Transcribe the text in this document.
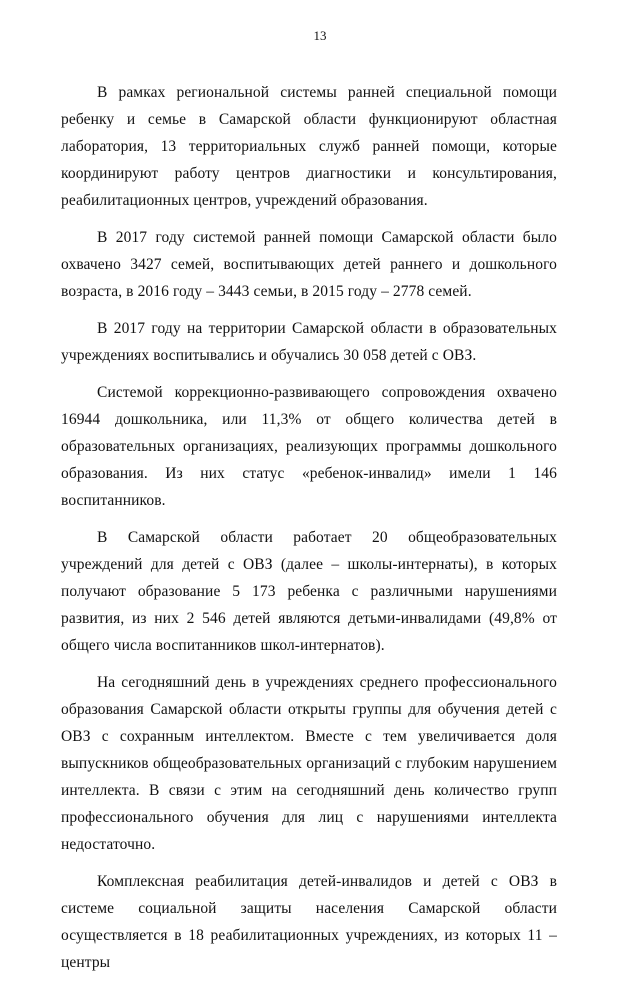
13

В рамках региональной системы ранней специальной помощи ребенку и семье в Самарской области функционируют областная лаборатория, 13 территориальных служб ранней помощи, которые координируют работу центров диагностики и консультирования, реабилитационных центров, учреждений образования.

В 2017 году системой ранней помощи Самарской области было охвачено 3427 семей, воспитывающих детей раннего и дошкольного возраста, в 2016 году – 3443 семьи, в 2015 году – 2778 семей.

В 2017 году на территории Самарской области в образовательных учреждениях воспитывались и обучались 30 058 детей с ОВЗ.

Системой коррекционно-развивающего сопровождения охвачено 16944 дошкольника, или 11,3% от общего количества детей в образовательных организациях, реализующих программы дошкольного образования. Из них статус «ребенок-инвалид» имели 1 146 воспитанников.

В Самарской области работает 20 общеобразовательных учреждений для детей с ОВЗ (далее – школы-интернаты), в которых получают образование 5 173 ребенка с различными нарушениями развития, из них 2 546 детей являются детьми-инвалидами (49,8% от общего числа воспитанников школ-интернатов).

На сегодняшний день в учреждениях среднего профессионального образования Самарской области открыты группы для обучения детей с ОВЗ с сохранным интеллектом. Вместе с тем увеличивается доля выпускников общеобразовательных организаций с глубоким нарушением интеллекта. В связи с этим на сегодняшний день количество групп профессионального обучения для лиц с нарушениями интеллекта недостаточно.

Комплексная реабилитация детей-инвалидов и детей с ОВЗ в системе социальной защиты населения Самарской области осуществляется в 18 реабилитационных учреждениях, из которых 11 – центры
